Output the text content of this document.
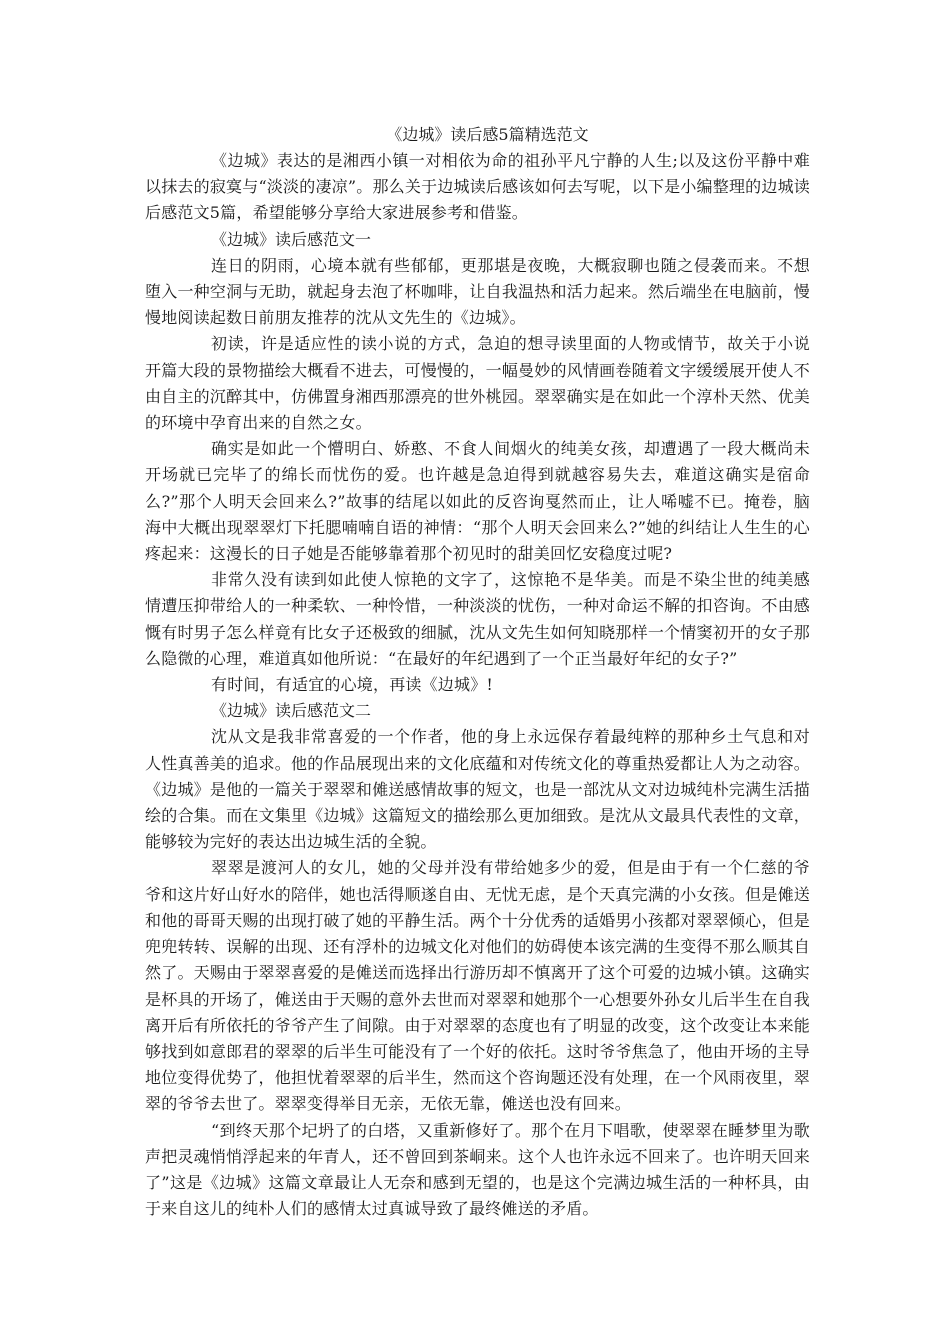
《边城》读后感5篇精选范文

《边城》表达的是湘西小镇一对相依为命的祖孙平凡宁静的人生;以及这份平静中难以抹去的寂寞与“淡淡的凄凉”。那么关于边城读后感该如何去写呢，以下是小编整理的边城读后感范文5篇，希望能够分享给大家进展参考和借鉴。

《边城》读后感范文一

连日的阴雨，心境本就有些郁郁，更那堪是夜晚，大概寂聊也随之侵袭而来。不想堕入一种空洞与无助，就起身去泡了杯咖啡，让自我温热和活力起来。然后端坐在电脑前，慢慢地阅读起数日前朋友推荐的沈从文先生的《边城》。

初读，许是适应性的读小说的方式，急迫的想寻读里面的人物或情节，故关于小说开篇大段的景物描绘大概看不进去，可慢慢的，一幅曼妙的风情画卷随着文字缓缓展开使人不由自主的沉醉其中，仿佛置身湘西那漂亮的世外桃园。翠翠确实是在如此一个淳朴天然、优美的环境中孕育出来的自然之女。

确实是如此一个懵明白、娇憨、不食人间烟火的纯美女孩，却遭遇了一段大概尚未开场就已完毕了的绵长而忧伤的爱。也许越是急迫得到就越容易失去，难道这确实是宿命么?”那个人明天会回来么?”故事的结尾以如此的反咨询戛然而止，让人唏嘘不已。掩卷，脑海中大概出现翠翠灯下托腮喃喃自语的神情：“那个人明天会回来么?”她的纠结让人生生的心疼起来：这漫长的日子她是否能够靠着那个初见时的甜美回忆安稳度过呢?

非常久没有读到如此使人惊艳的文字了，这惊艳不是华美。而是不染尘世的纯美感情遭压抑带给人的一种柔软、一种怜惜，一种淡淡的忧伤，一种对命运不解的扣咨询。不由感慨有时男子怎么样竟有比女子还极致的细腻，沈从文先生如何知晓那样一个情窦初开的女子那么隐微的心理，难道真如他所说：“在最好的年纪遇到了一个正当最好年纪的女子?”

有时间，有适宜的心境，再读《边城》!

《边城》读后感范文二

沈从文是我非常喜爱的一个作者，他的身上永远保存着最纯粹的那种乡土气息和对人性真善美的追求。他的作品展现出来的文化底蕴和对传统文化的尊重热爱都让人为之动容。《边城》是他的一篇关于翠翠和傩送感情故事的短文，也是一部沈从文对边城纯朴完满生活描绘的合集。而在文集里《边城》这篇短文的描绘那么更加细致。是沈从文最具代表性的文章，能够较为完好的表达出边城生活的全貌。

翠翠是渡河人的女儿，她的父母并没有带给她多少的爱，但是由于有一个仁慈的爷爷和这片好山好水的陪伴，她也活得顺遂自由、无忧无虑，是个天真完满的小女孩。但是傩送和他的哥哥天赐的出现打破了她的平静生活。两个十分优秀的适婚男小孩都对翠翠倾心，但是兜兜转转、误解的出现、还有浮朴的边城文化对他们的妨碍使本该完满的生变得不那么顺其自然了。天赐由于翠翠喜爱的是傩送而选择出行游历却不慎离开了这个可爱的边城小镇。这确实是杯具的开场了，傩送由于天赐的意外去世而对翠翠和她那个一心想要外孙女儿后半生在自我离开后有所依托的爷爷产生了间隙。由于对翠翠的态度也有了明显的改变，这个改变让本来能够找到如意郎君的翠翠的后半生可能没有了一个好的依托。这时爷爷焦急了，他由开场的主导地位变得优势了，他担忧着翠翠的后半生，然而这个咨询题还没有处理，在一个风雨夜里，翠翠的爷爷去世了。翠翠变得举目无亲，无依无靠，傩送也没有回来。

“到终天那个圮坍了的白塔，又重新修好了。那个在月下唱歌，使翠翠在睡梦里为歌声把灵魂悄悄浮起来的年青人，还不曾回到茶峒来。这个人也许永远不回来了。也许明天回来了”这是《边城》这篇文章最让人无奈和感到无望的，也是这个完满边城生活的一种杯具，由于来自这儿的纯朴人们的感情太过真诚导致了最终傩送的矛盾。
